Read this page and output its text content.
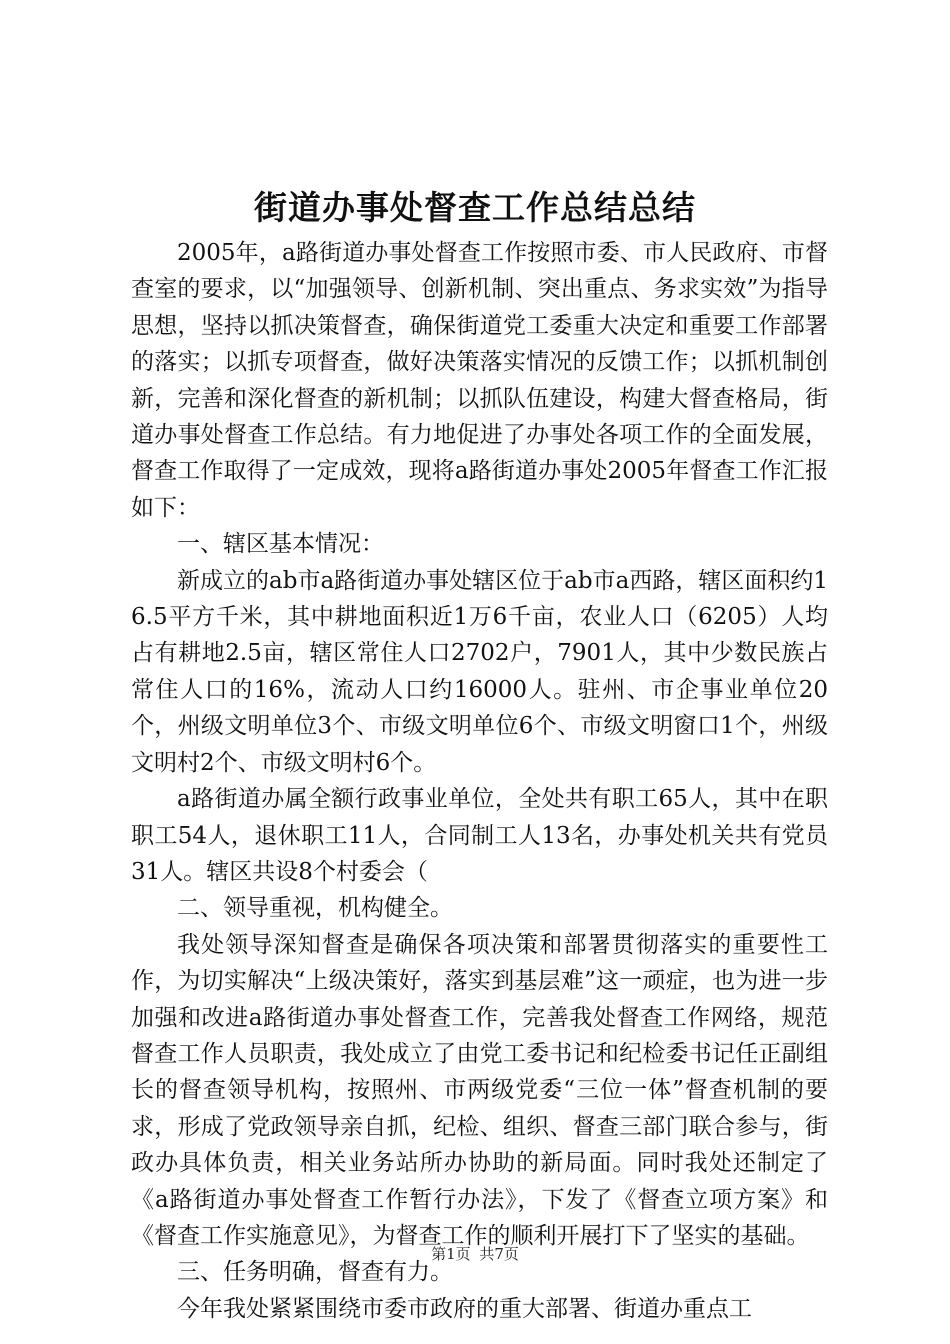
街道办事处督查工作总结总结

2005年，a路街道办事处督查工作按照市委、市人民政府、市督查室的要求，以“加强领导、创新机制、突出重点、务求实效”为指导思想，坚持以抓决策督查，确保街道党工委重大决定和重要工作部署的落实；以抓专项督查，做好决策落实情况的反馈工作；以抓机制创新，完善和深化督查的新机制；以抓队伍建设，构建大督查格局，街道办事处督查工作总结。有力地促进了办事处各项工作的全面发展，督查工作取得了一定成效，现将a路街道办事处2005年督查工作汇报如下：

一、辖区基本情况：

新成立的ab市a路街道办事处辖区位于ab市a西路，辖区面积约16.5平方千米，其中耕地面积近1万6千亩，农业人口（6205）人均占有耕地2.5亩，辖区常住人口2702户，7901人，其中少数民族占常住人口的16%，流动人口约16000人。驻州、市企事业单位20个，州级文明单位3个、市级文明单位6个、市级文明窗口1个，州级文明村2个、市级文明村6个。

a路街道办属全额行政事业单位，全处共有职工65人，其中在职职工54人，退休职工11人，合同制工人13名，办事处机关共有党员31人。辖区共设8个村委会（

二、领导重视，机构健全。

我处领导深知督查是确保各项决策和部署贯彻落实的重要性工作，为切实解决“上级决策好，落实到基层难”这一顽症，也为进一步加强和改进a路街道办事处督查工作，完善我处督查工作网络，规范督查工作人员职责，我处成立了由党工委书记和纪检委书记任正副组长的督查领导机构，按照州、市两级党委“三位一体”督查机制的要求，形成了党政领导亲自抓，纪检、组织、督查三部门联合参与，街政办具体负责，相关业务站所办协助的新局面。同时我处还制定了《a路街道办事处督查工作暂行办法》，下发了《督查立项方案》和《督查工作实施意见》，为督查工作的顺利开展打下了坚实的基础。

三、任务明确，督查有力。

今年我处紧紧围绕市委市政府的重大部署、街道办重点工

第1页 共7页
